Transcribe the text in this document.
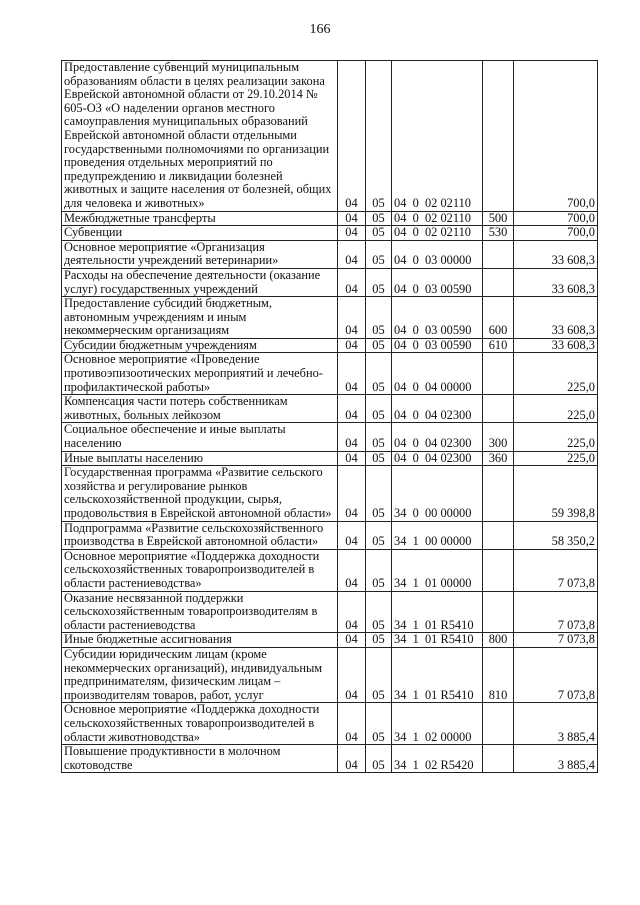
166
Предоставление субвенций муниципальным образованиям области в целях реализации закона Еврейской автономной области от 29.10.2014 № 605-ОЗ «О наделении органов местного самоуправления муниципальных образований Еврейской автономной области отдельными государственными полномочиями по организации проведения отдельных мероприятий по предупреждению и ликвидации болезней животных и защите населения от болезней, общих для человека и животных»	04	05	04  0  02 02110		700,0
Межбюджетные трансферты	04	05	04  0  02 02110	500	700,0
Субвенции	04	05	04  0  02 02110	530	700,0
Основное мероприятие «Организация деятельности учреждений ветеринарии»	04	05	04  0  03 00000		33 608,3
Расходы на обеспечение деятельности (оказание услуг) государственных учреждений	04	05	04  0  03 00590		33 608,3
Предоставление субсидий бюджетным, автономным учреждениям и иным некоммерческим организациям	04	05	04  0  03 00590	600	33 608,3
Субсидии бюджетным учреждениям	04	05	04  0  03 00590	610	33 608,3
Основное мероприятие «Проведение противоэпизоотических мероприятий и лечебно-профилактической работы»	04	05	04  0  04 00000		225,0
Компенсация части потерь собственникам животных, больных лейкозом	04	05	04  0  04 02300		225,0
Социальное обеспечение и иные выплаты населению	04	05	04  0  04 02300	300	225,0
Иные выплаты населению	04	05	04  0  04 02300	360	225,0
Государственная программа «Развитие сельского хозяйства и регулирование рынков сельскохозяйственной продукции, сырья, продовольствия в Еврейской автономной области»	04	05	34  0  00 00000		59 398,8
Подпрограмма «Развитие сельскохозяйственного производства в Еврейской автономной области»	04	05	34  1  00 00000		58 350,2
Основное мероприятие «Поддержка доходности сельскохозяйственных товаропроизводителей в области растениеводства»	04	05	34  1  01 00000		7 073,8
Оказание несвязанной поддержки сельскохозяйственным товаропроизводителям в области растениеводства	04	05	34  1  01 R5410		7 073,8
Иные бюджетные ассигнования	04	05	34  1  01 R5410	800	7 073,8
Субсидии юридическим лицам (кроме некоммерческих организаций), индивидуальным предпринимателям, физическим лицам – производителям товаров, работ, услуг	04	05	34  1  01 R5410	810	7 073,8
Основное мероприятие «Поддержка доходности сельскохозяйственных товаропроизводителей в области животноводства»	04	05	34  1  02 00000		3 885,4
Повышение продуктивности в молочном скотоводстве	04	05	34  1  02 R5420		3 885,4
